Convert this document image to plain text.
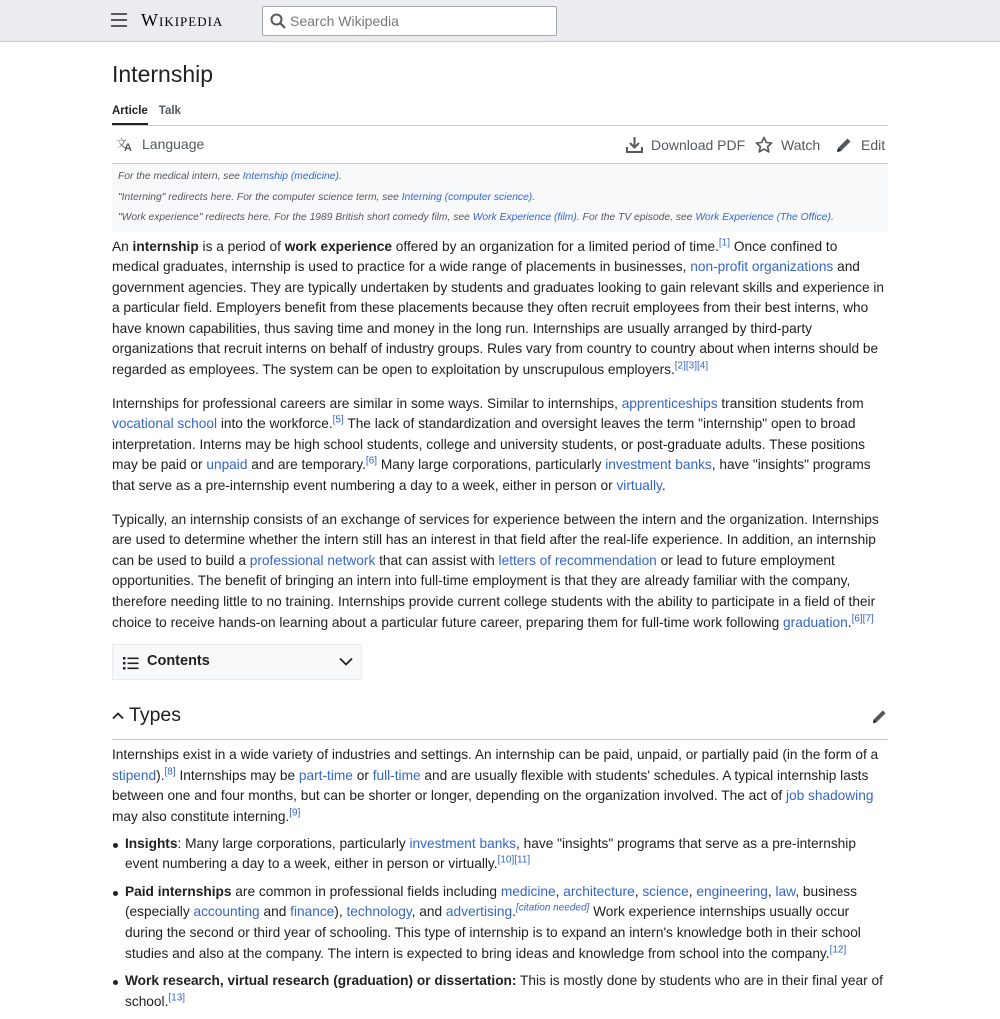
Wikipedia
Search Wikipedia
Internship
Article Talk
文
A Language	Download PDF	Watch	Edit
For the medical intern, see Internship (medicine).
"Interning" redirects here. For the computer science term, see Interning (computer science).
"Work experience" redirects here. For the 1989 British short comedy film, see Work Experience (film). For the TV episode, see Work Experience (The Office).

An internship is a period of work experience offered by an organization for a limited period of time.[1] Once confined to medical graduates, internship is used to practice for a wide range of placements in businesses, non-profit organizations and government agencies. They are typically undertaken by students and graduates looking to gain relevant skills and experience in a particular field. Employers benefit from these placements because they often recruit employees from their best interns, who have known capabilities, thus saving time and money in the long run. Internships are usually arranged by third-party organizations that recruit interns on behalf of industry groups. Rules vary from country to country about when interns should be regarded as employees. The system can be open to exploitation by unscrupulous employers.[2][3][4]

Internships for professional careers are similar in some ways. Similar to internships, apprenticeships transition students from vocational school into the workforce.[5] The lack of standardization and oversight leaves the term "internship" open to broad interpretation. Interns may be high school students, college and university students, or post-graduate adults. These positions may be paid or unpaid and are temporary.[6] Many large corporations, particularly investment banks, have "insights" programs that serve as a pre-internship event numbering a day to a week, either in person or virtually.

Typically, an internship consists of an exchange of services for experience between the intern and the organization. Internships are used to determine whether the intern still has an interest in that field after the real-life experience. In addition, an internship can be used to build a professional network that can assist with letters of recommendation or lead to future employment opportunities. The benefit of bringing an intern into full-time employment is that they are already familiar with the company, therefore needing little to no training. Internships provide current college students with the ability to participate in a field of their choice to receive hands-on learning about a particular future career, preparing them for full-time work following graduation.[6][7]

Contents
Types

Internships exist in a wide variety of industries and settings. An internship can be paid, unpaid, or partially paid (in the form of a stipend).[8] Internships may be part-time or full-time and are usually flexible with students' schedules. A typical internship lasts between one and four months, but can be shorter or longer, depending on the organization involved. The act of job shadowing may also constitute interning.[9]

Insights: Many large corporations, particularly investment banks, have "insights" programs that serve as a pre-internship event numbering a day to a week, either in person or virtually.[10][11]
Paid internships are common in professional fields including medicine, architecture, science, engineering, law, business (especially accounting and finance), technology, and advertising.[citation needed] Work experience internships usually occur during the second or third year of schooling. This type of internship is to expand an intern's knowledge both in their school studies and also at the company. The intern is expected to bring ideas and knowledge from school into the company.[12]
Work research, virtual research (graduation) or dissertation: This is mostly done by students who are in their final year of school.[13]
